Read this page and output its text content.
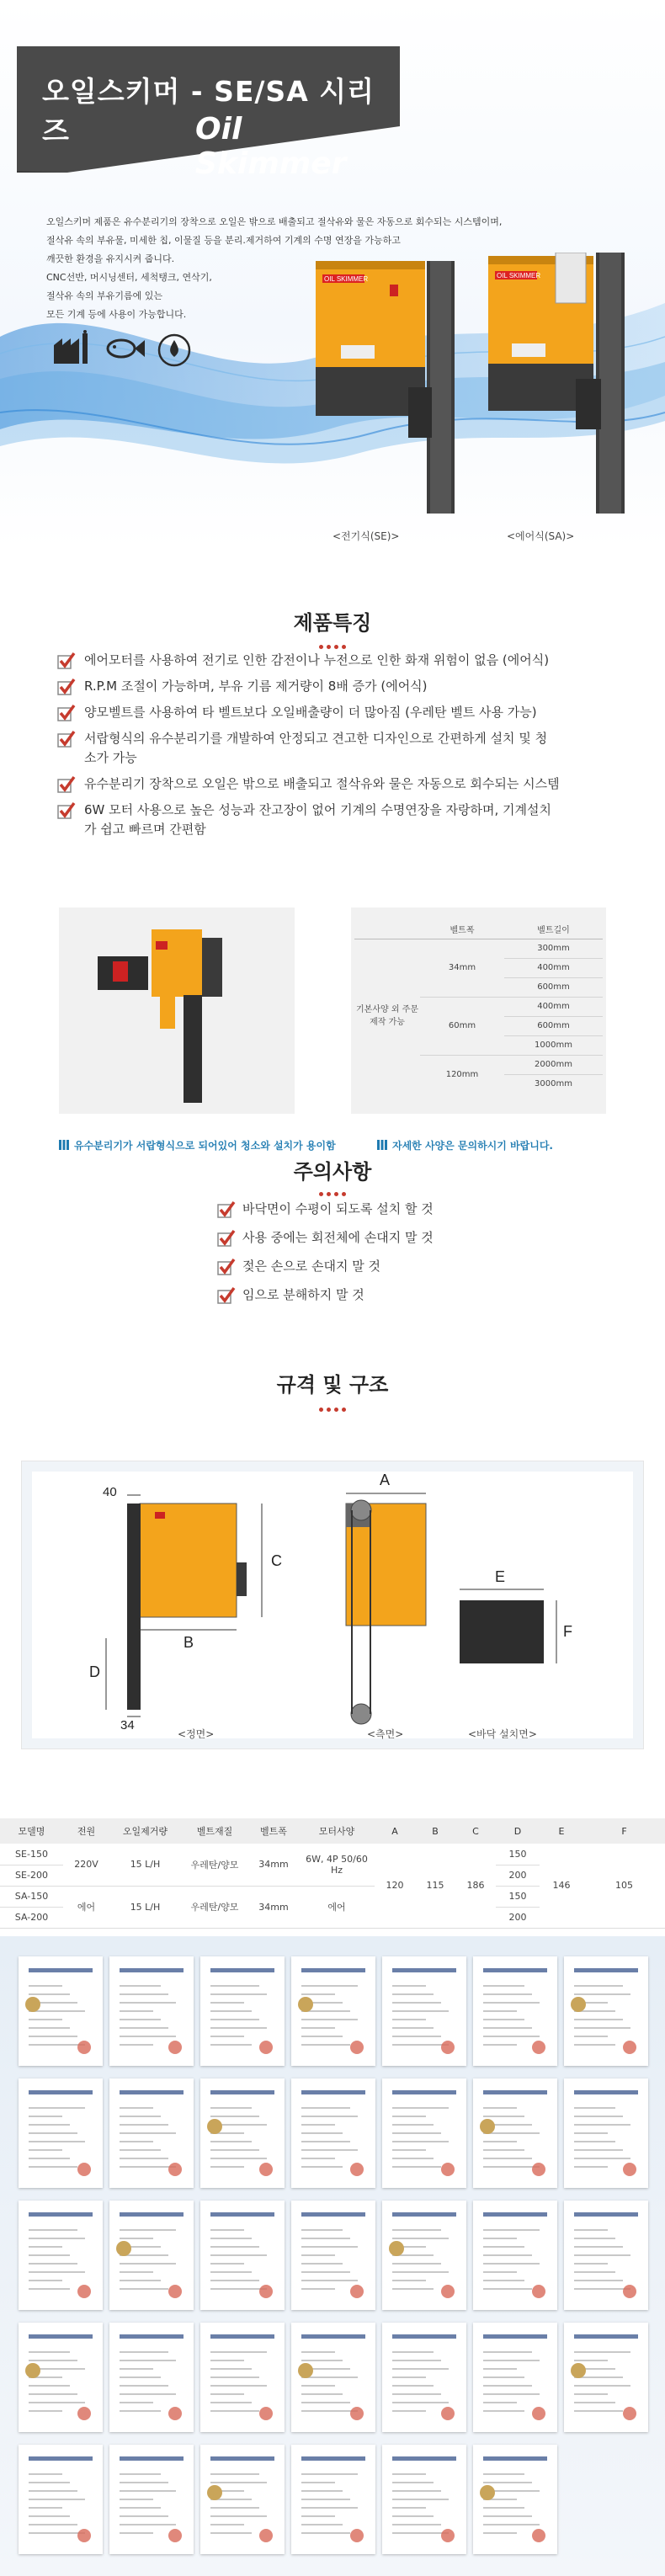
오일스키머 - SE/SA 시리즈	Oil Skimmer

오일스키머 제품은 유수분리기의 장착으로 오일은 밖으로 배출되고 절삭유와 물은 자동으로 회수되는 시스템이며,

절삭유 속의 부유물, 미세한 칩, 이물질 등을 분리.제거하여 기계의 수명 연장을 가능하고

깨끗한 환경을 유지시켜 줍니다.

CNC선반, 머시닝센터, 세척탱크, 연삭기,

절삭유 속의 부유기름에 있는

모든 기계 등에 사용이 가능합니다.

OIL SKIMMER
<전기식(SE)>
OIL SKIMMER
<에어식(SA)>
제품특징
에어모터를 사용하여 전기로 인한 감전이나 누전으로 인한 화재 위험이 없음 (에어식)
R.P.M 조절이 가능하며, 부유 기름 제거량이 8배 증가 (에어식)
양모벨트를 사용하여 타 벨트보다 오일배출량이 더 많아짐 (우레탄 벨트 사용 가능)
서랍형식의 유수분리기를 개발하여 안정되고 견고한 디자인으로 간편하게 설치 및 청소가 가능
유수분리기 장착으로 오일은 밖으로 배출되고 절삭유와 물은 자동으로 회수되는 시스템
6W 모터 사용으로 높은 성능과 잔고장이 없어 기계의 수명연장을 자랑하며, 기계설치가 쉽고 빠르며 간편함
	벨트폭	벨트길이
기본사양 외 주문제작 가능	34mm	300mm
		400mm
		600mm
	60mm	400mm
		600mm
		1000mm
	120mm	2000mm
		3000mm
유수분리기가 서랍형식으로 되어있어 청소와 설치가 용이함	자세한 사양은 문의하시기 바랍니다.
주의사항
바닥면이 수평이 되도록 설치 할 것
사용 중에는 회전체에 손대지 말 것
젖은 손으로 손대지 말 것
임으로 분해하지 말 것
규격 및 구조
40
34
D
B
C
A
E
F
<정면>	<측면>	<바닥 설치면>
모델명	전원	오일제거량	벨트재질	벨트폭	모터사양	A	B	C	D	E	F
SE-150	220V	15 L/H	우레탄/양모	34mm	6W, 4P 50/60 Hz	120	115	186	150	146	105
SE-200									200		
SA-150	에어	15 L/H	우레탄/양모	34mm	에어				150		
SA-200									200		
